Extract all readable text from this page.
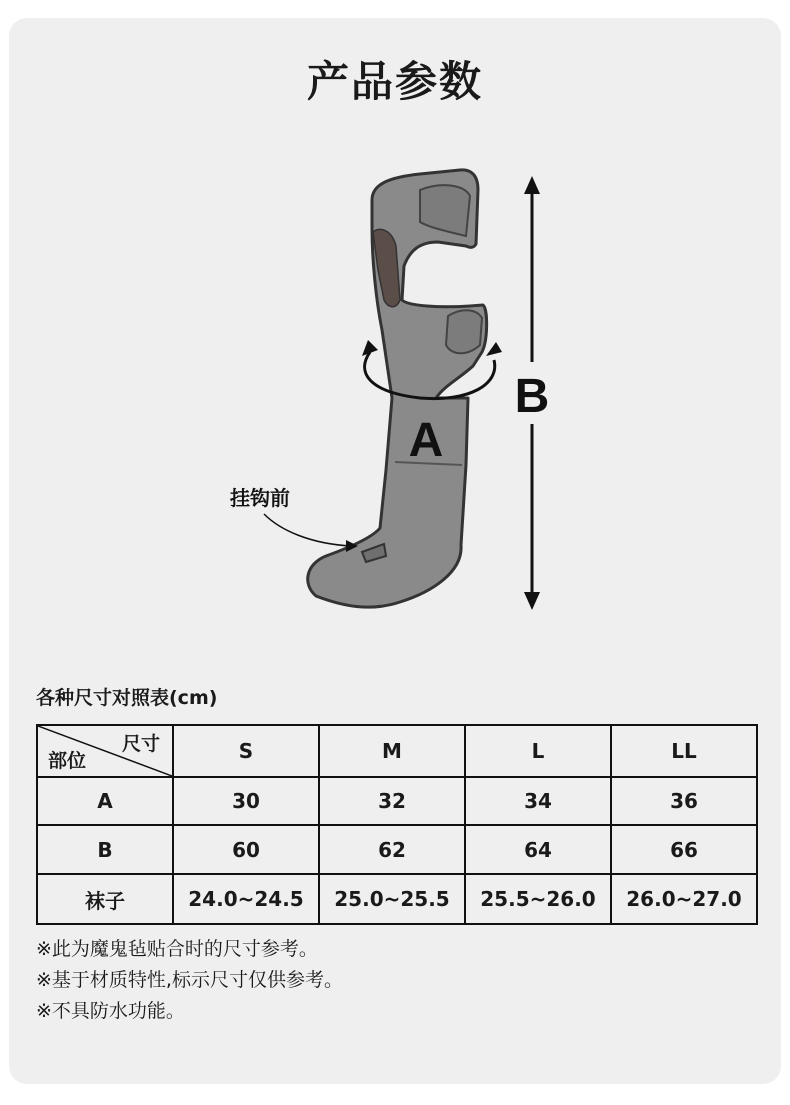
产品参数
A
B
挂钩前
各种尺寸对照表(cm)
尺寸
部位	S	M	L	LL
A	30	32	34	36
B	60	62	64	66
袜子	24.0~24.5	25.0~25.5	25.5~26.0	26.0~27.0
※此为魔鬼毡贴合时的尺寸参考。
※基于材质特性,标示尺寸仅供参考。
※不具防水功能。
